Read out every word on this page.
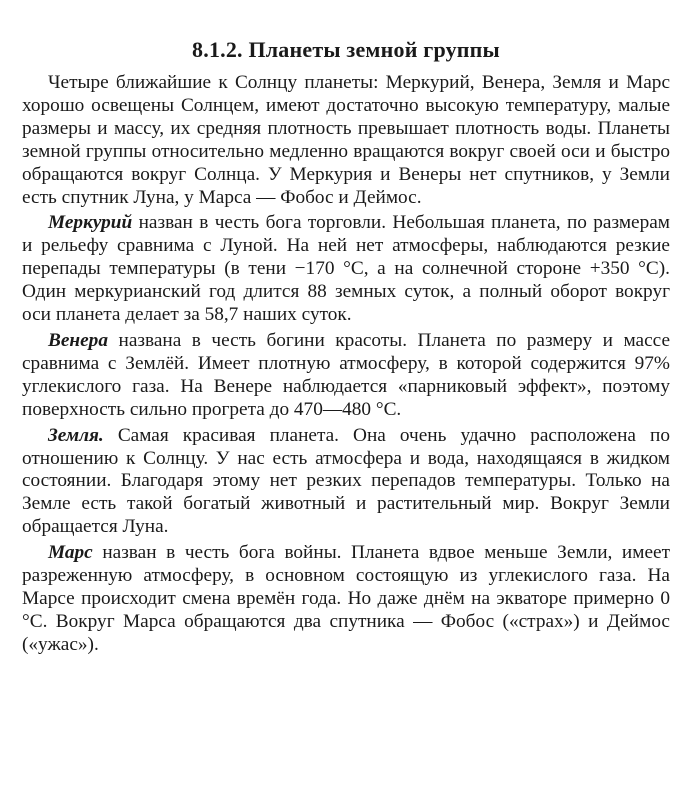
8.1.2. Планеты земной группы

Четыре ближайшие к Солнцу планеты: Меркурий, Венера, Земля и Марс хорошо освещены Солнцем, имеют достаточно высокую температуру, малые размеры и массу, их средняя плотность превышает плотность воды. Планеты земной группы относительно медленно вращаются вокруг своей оси и быстро обращаются вокруг Солнца. У Меркурия и Венеры нет спутников, у Земли есть спутник Луна, у Марса — Фобос и Деймос.

Меркурий назван в честь бога торговли. Небольшая планета, по размерам и рельефу сравнима с Луной. На ней нет атмосферы, наблюдаются резкие перепады температуры (в тени −170 °C, а на солнечной стороне +350 °C). Один меркурианский год длится 88 земных суток, а полный оборот вокруг оси планета делает за 58,7 наших суток.

Венера названа в честь богини красоты. Планета по размеру и массе сравнима с Землёй. Имеет плотную атмосферу, в которой содержится 97% углекислого газа. На Венере наблюдается «парниковый эффект», поэтому поверхность сильно прогрета до 470—480 °C.

Земля. Самая красивая планета. Она очень удачно расположена по отношению к Солнцу. У нас есть атмосфера и вода, находящаяся в жидком состоянии. Благодаря этому нет резких перепадов температуры. Только на Земле есть такой богатый животный и растительный мир. Вокруг Земли обращается Луна.

Марс назван в честь бога войны. Планета вдвое меньше Земли, имеет разреженную атмосферу, в основном состоящую из углекислого газа. На Марсе происходит смена времён года. Но даже днём на экваторе примерно 0 °C. Вокруг Марса обращаются два спутника — Фобос («страх») и Деймос («ужас»).
